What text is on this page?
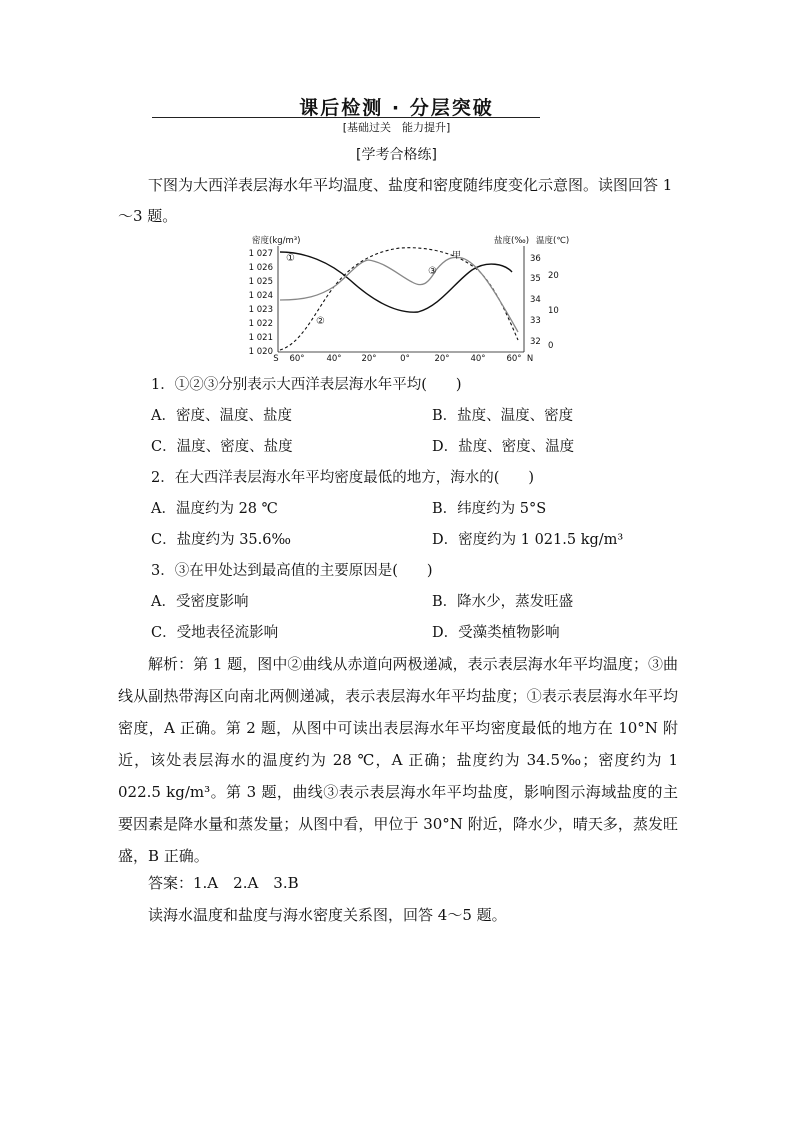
课后检测 · 分层突破
[基础过关　能力提升]
[学考合格练]

下图为大西洋表层海水年平均温度、盐度和密度随纬度变化示意图。读图回答 1～3 题。

密度(kg/m³)	盐度(‰) 温度(℃)
1 027
1 026
1 025
1 024
1 023
1 022
1 021
1 020
36
35
34
33
32
20
10
0
S 60°	40° 20°	0°	20° 40° 60° N
①
②
③
甲
1．①②③分别表示大西洋表层海水年平均(　　)
A．密度、温度、盐度	B．盐度、温度、密度
C．温度、密度、盐度	D．盐度、密度、温度
2．在大西洋表层海水年平均密度最低的地方，海水的(　　)
A．温度约为 28 ℃	B．纬度约为 5°S
C．盐度约为 35.6‰	D．密度约为 1 021.5 kg/m³
3．③在甲处达到最高值的主要原因是(　　)
A．受密度影响	B．降水少，蒸发旺盛
C．受地表径流影响	D．受藻类植物影响

解析：第 1 题，图中②曲线从赤道向两极递减，表示表层海水年平均温度；③曲线从副热带海区向南北两侧递减，表示表层海水年平均盐度；①表示表层海水年平均密度，A 正确。第 2 题，从图中可读出表层海水年平均密度最低的地方在 10°N 附近，该处表层海水的温度约为 28 ℃，A 正确；盐度约为 34.5‰；密度约为 1 022.5 kg/m³。第 3 题，曲线③表示表层海水年平均盐度，影响图示海域盐度的主要因素是降水量和蒸发量；从图中看，甲位于 30°N 附近，降水少，晴天多，蒸发旺盛，B 正确。

答案：1.A　2.A　3.B
读海水温度和盐度与海水密度关系图，回答 4～5 题。
